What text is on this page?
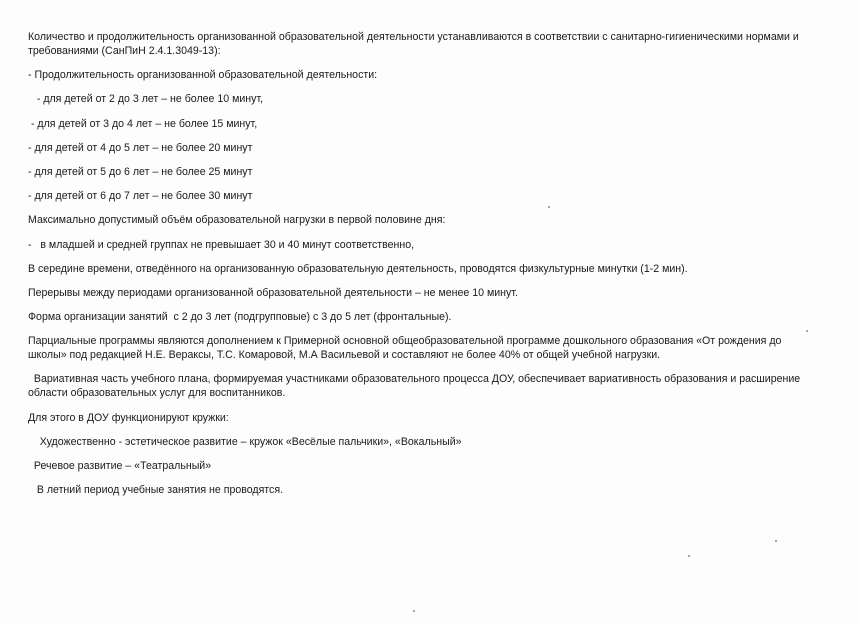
Количество и продолжительность организованной образовательной деятельности устанавливаются в соответствии с санитарно-гигиеническими нормами и требованиями (СанПиН 2.4.1.3049-13):

- Продолжительность организованной образовательной деятельности:

- для детей от 2 до 3 лет – не более 10 минут,

- для детей от 3 до 4 лет – не более 15 минут,

- для детей от 4 до 5 лет – не более 20 минут

- для детей от 5 до 6 лет – не более 25 минут

- для детей от 6 до 7 лет – не более 30 минут

Максимально допустимый объём образовательной нагрузки в первой половине дня:

-   в младшей и средней группах не превышает 30 и 40 минут соответственно,

В середине времени, отведённого на организованную образовательную деятельность, проводятся физкультурные минутки (1-2 мин).

Перерывы между периодами организованной образовательной деятельности – не менее 10 минут.

Форма организации занятий  с 2 до 3 лет (подгрупповые) с 3 до 5 лет (фронтальные).

Парциальные программы являются дополнением к Примерной основной общеобразовательной программе дошкольного образования «От рождения до школы» под редакцией Н.Е. Вераксы, Т.С. Комаровой, М.А Васильевой и составляют не более 40% от общей учебной нагрузки.

Вариативная часть учебного плана, формируемая участниками образовательного процесса ДОУ, обеспечивает вариативность образования и расширение области образовательных услуг для воспитанников.

Для этого в ДОУ функционируют кружки:

Художественно - эстетическое развитие – кружок «Весёлые пальчики», «Вокальный»

Речевое развитие – «Театральный»

В летний период учебные занятия не проводятся.
